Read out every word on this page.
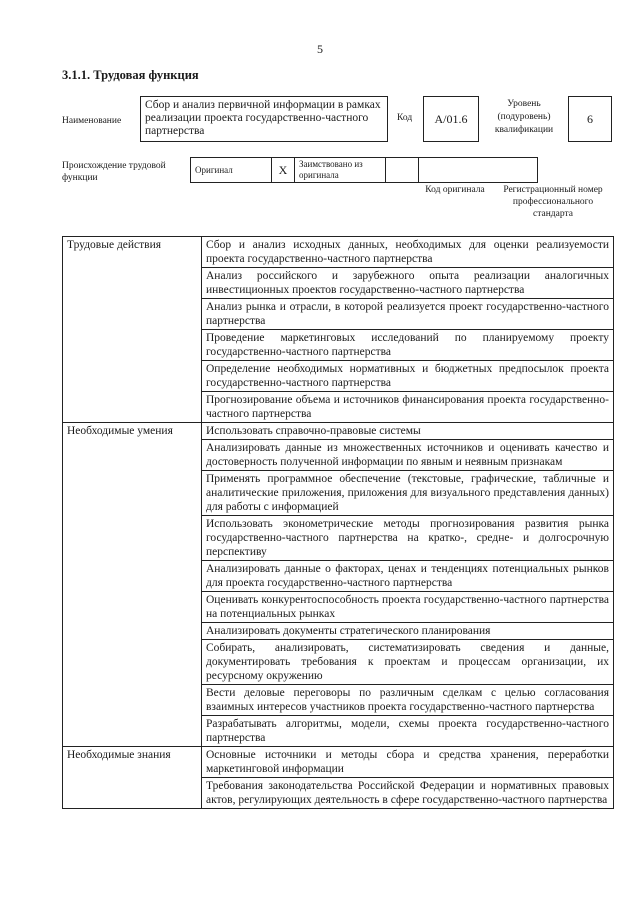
5
3.1.1. Трудовая функция
Наименование
Сбор и анализ первичной информации в рамках реализации проекта государственно-частного партнерства
Код	A/01.6
Уровень (подуровень) квалификации
6
Происхождение трудовой функции
Оригинал	X	Заимствовано из оригинала		
Код оригинала	Регистрационный номер профессионального стандарта
Трудовые действия	Сбор и анализ исходных данных, необходимых для оценки реализуемости проекта государственно-частного партнерства
	Анализ российского и зарубежного опыта реализации аналогичных инвестиционных проектов государственно-частного партнерства
	Анализ рынка и отрасли, в которой реализуется проект государственно-частного партнерства
	Проведение маркетинговых исследований по планируемому проекту государственно-частного партнерства
	Определение необходимых нормативных и бюджетных предпосылок проекта государственно-частного партнерства
	Прогнозирование объема и источников финансирования проекта государственно-частного партнерства
Необходимые умения	Использовать справочно-правовые системы
	Анализировать данные из множественных источников и оценивать качество и достоверность полученной информации по явным и неявным признакам
	Применять программное обеспечение (текстовые, графические, табличные и аналитические приложения, приложения для визуального представления данных) для работы с информацией
	Использовать эконометрические методы прогнозирования развития рынка государственно-частного партнерства на кратко-, средне- и долгосрочную перспективу
	Анализировать данные о факторах, ценах и тенденциях потенциальных рынков для проекта государственно-частного партнерства
	Оценивать конкурентоспособность проекта государственно-частного партнерства на потенциальных рынках
	Анализировать документы стратегического планирования
	Собирать, анализировать, систематизировать сведения и данные, документировать требования к проектам и процессам организации, их ресурсному окружению
	Вести деловые переговоры по различным сделкам с целью согласования взаимных интересов участников проекта государственно-частного партнерства
	Разрабатывать алгоритмы, модели, схемы проекта государственно-частного партнерства
Необходимые знания	Основные источники и методы сбора и средства хранения, переработки маркетинговой информации
	Требования законодательства Российской Федерации и нормативных правовых актов, регулирующих деятельность в сфере государственно-частного партнерства
